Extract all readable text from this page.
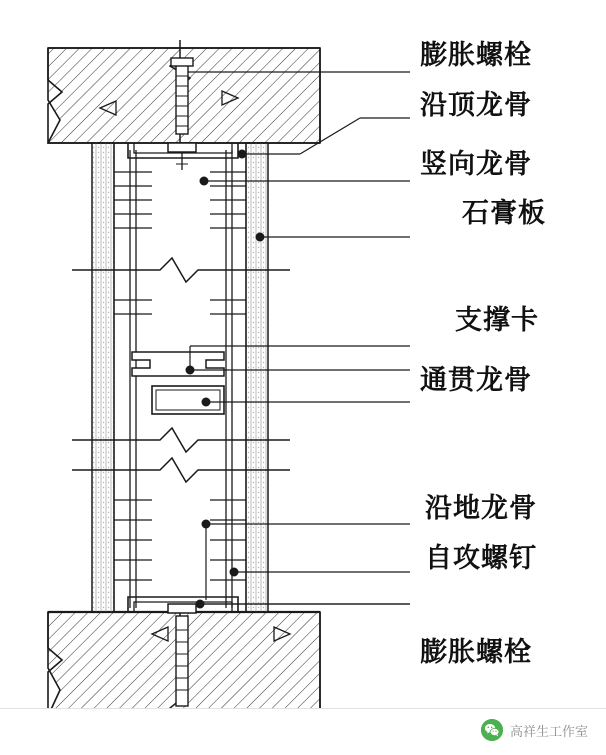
膨胀螺栓
沿顶龙骨
竖向龙骨
石膏板
支撑卡
通贯龙骨
沿地龙骨
自攻螺钉
膨胀螺栓
高祥生工作室
